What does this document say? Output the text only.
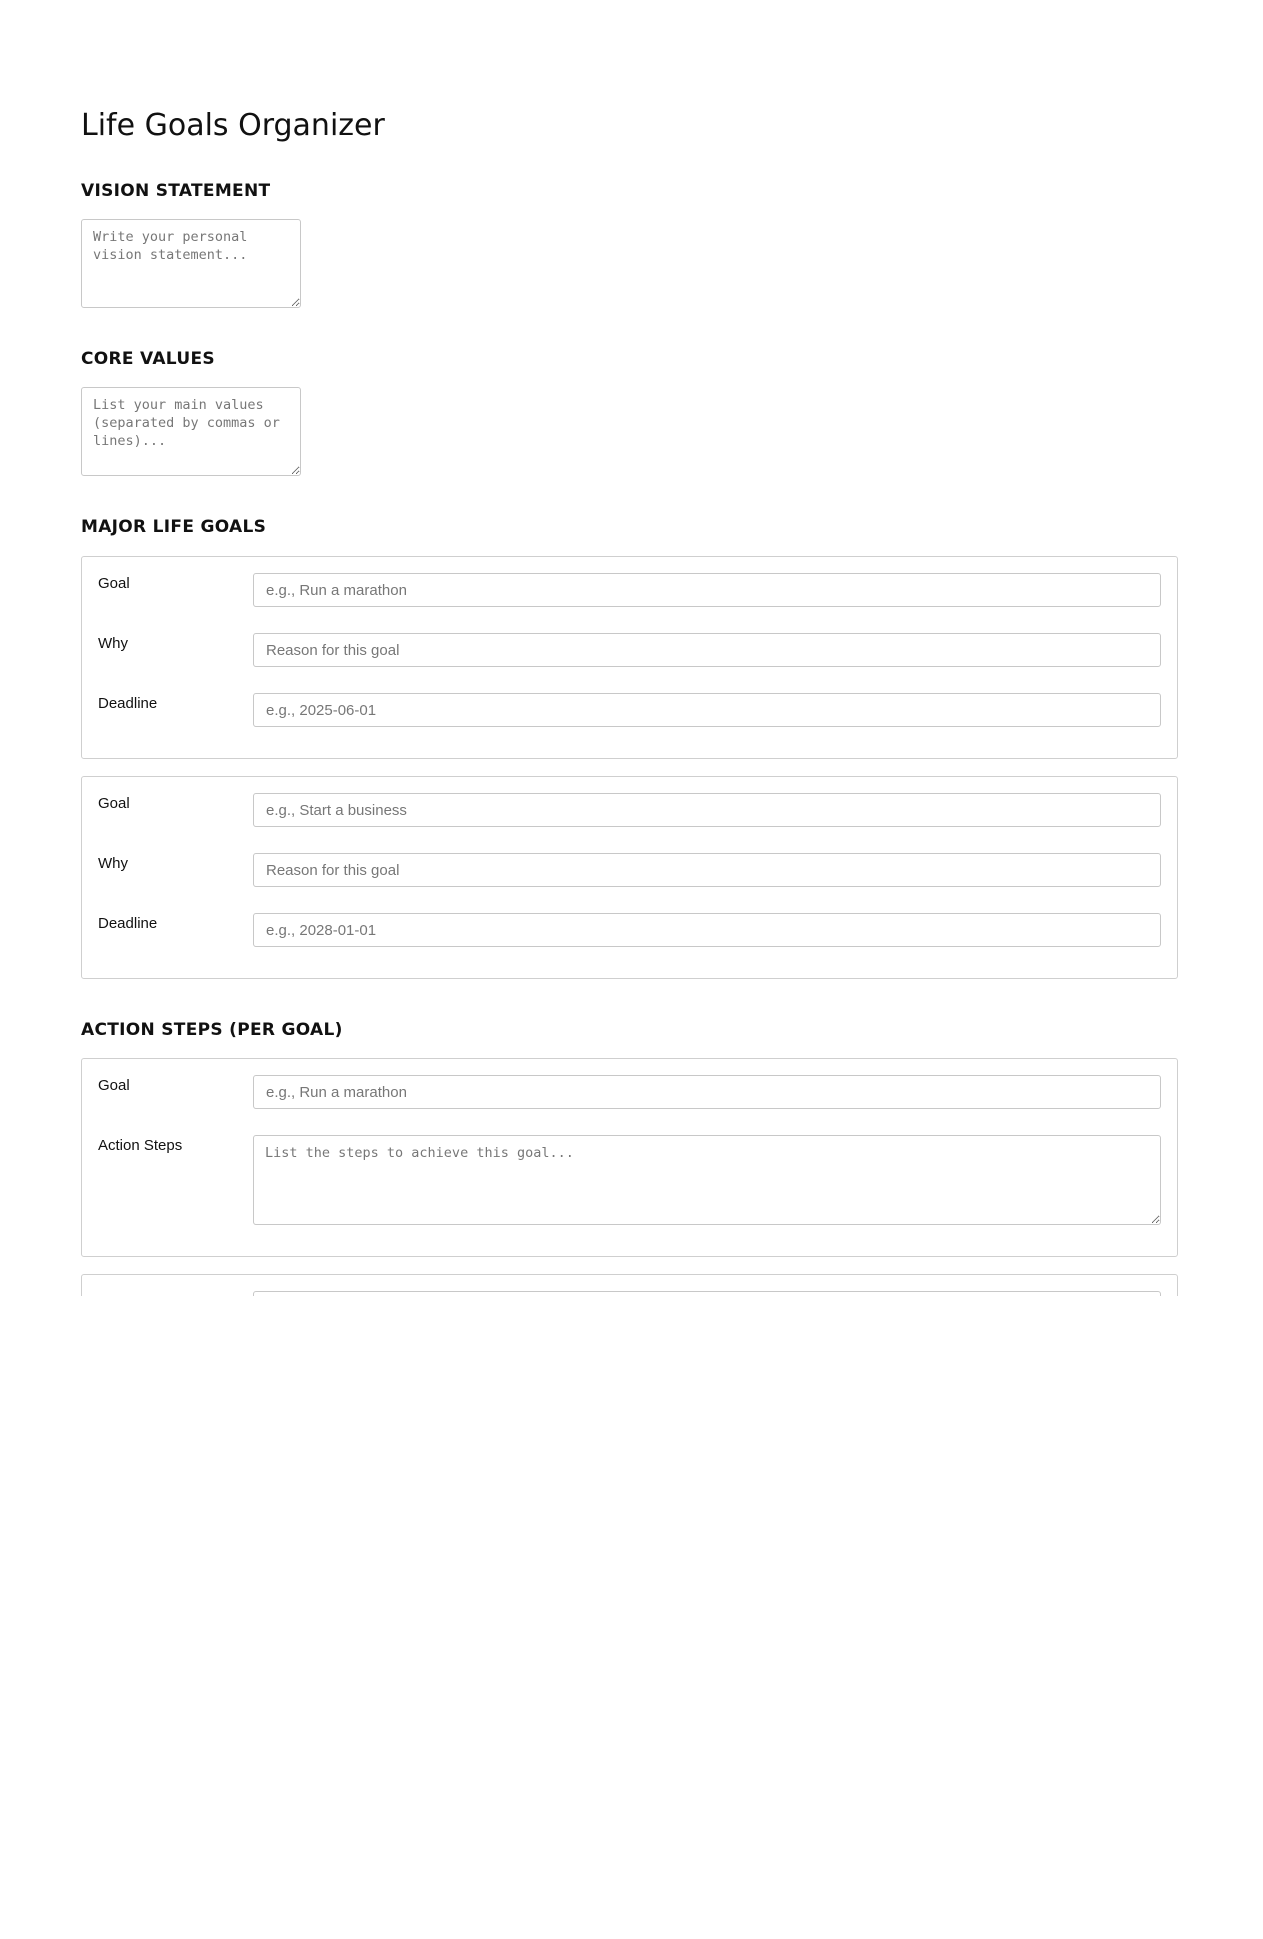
Life Goals Organizer
VISION STATEMENT
Write your personal vision statement...
CORE VALUES
List your main values (separated by commas or lines)...
MAJOR LIFE GOALS
Goal
e.g., Run a marathon
Why
Reason for this goal
Deadline
e.g., 2025-06-01
Goal
e.g., Start a business
Why
Reason for this goal
Deadline
e.g., 2028-01-01
ACTION STEPS (PER GOAL)
Goal
e.g., Run a marathon
Action Steps
List the steps to achieve this goal...
